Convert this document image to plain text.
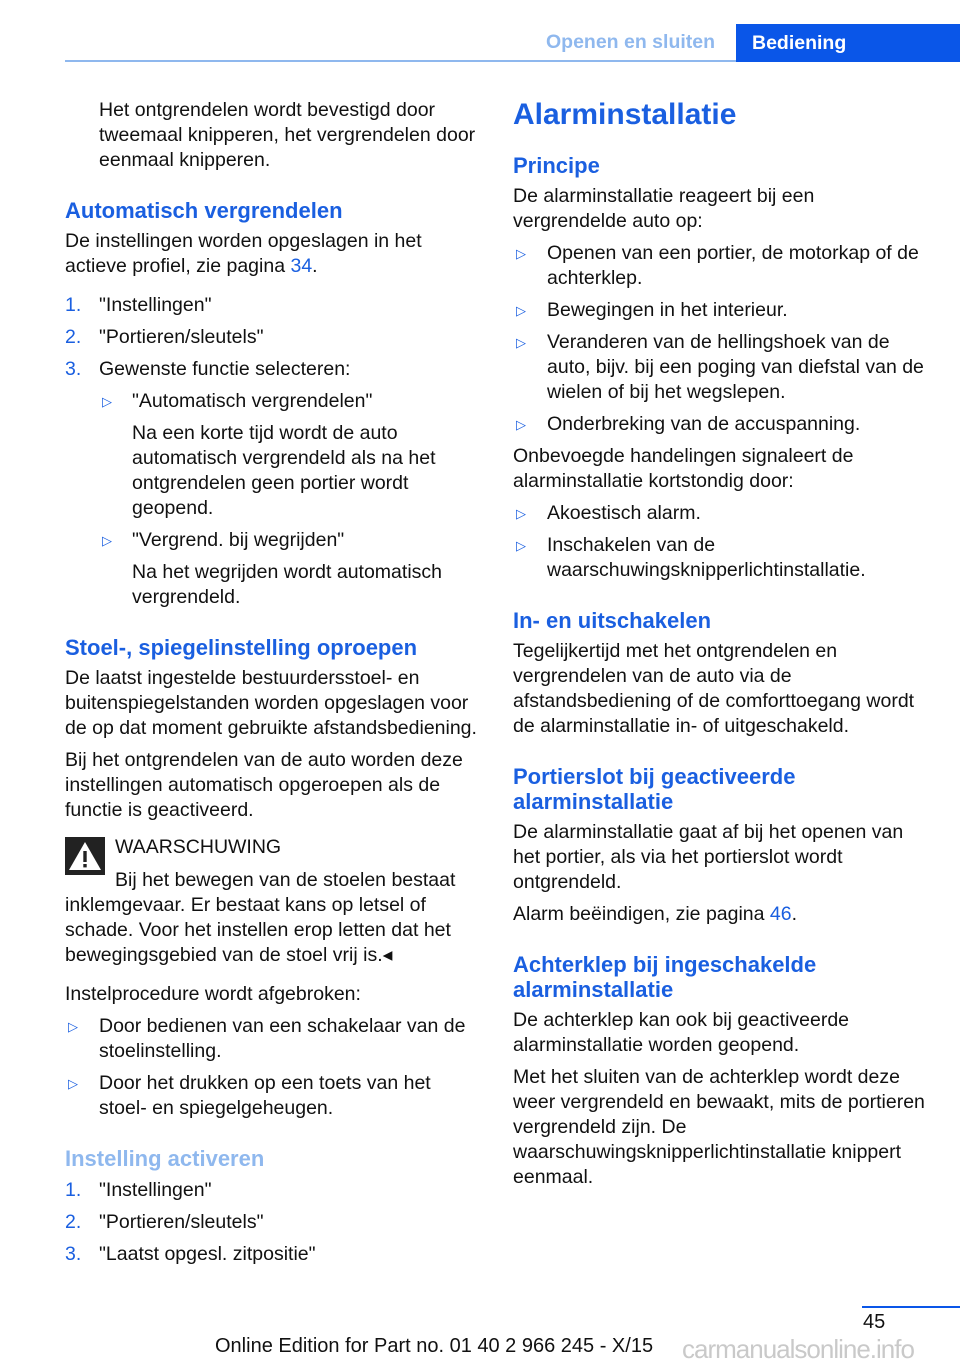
Openen en sluiten	Bediening

Het ontgrendelen wordt bevestigd door tweemaal knipperen, het vergrendelen door eenmaal knipperen.

Automatisch vergrendelen

De instellingen worden opgeslagen in het actieve profiel, zie pagina 34.

1. "Instellingen"
2. "Portieren/sleutels"
3. Gewenste functie selecteren:
▷ "Automatisch vergrendelen"
Na een korte tijd wordt de auto automatisch vergrendeld als na het ontgrendelen geen portier wordt geopend.
▷ "Vergrend. bij wegrijden"
Na het wegrijden wordt automatisch vergrendeld.
Stoel-, spiegelinstelling oproepen

De laatst ingestelde bestuurdersstoel- en buitenspiegelstanden worden opgeslagen voor de op dat moment gebruikte afstandsbediening.

Bij het ontgrendelen van de auto worden deze instellingen automatisch opgeroepen als de functie is geactiveerd.

WAARSCHUWING
Bij het bewegen van de stoelen bestaat inklemgevaar. Er bestaat kans op letsel of schade. Voor het instellen erop letten dat het bewegingsgebied van de stoel vrij is.◂

Instelprocedure wordt afgebroken:

▷ Door bedienen van een schakelaar van de stoelinstelling.
▷ Door het drukken op een toets van het stoel- en spiegelgeheugen.
Instelling activeren
1. "Instellingen"
2. "Portieren/sleutels"
3. "Laatst opgesl. zitpositie"
Alarminstallatie
Principe

De alarminstallatie reageert bij een vergrendelde auto op:

▷ Openen van een portier, de motorkap of de achterklep.
▷ Bewegingen in het interieur.
▷ Veranderen van de hellingshoek van de auto, bijv. bij een poging van diefstal van de wielen of bij het wegslepen.
▷ Onderbreking van de accuspanning.

Onbevoegde handelingen signaleert de alarminstallatie kortstondig door:

▷ Akoestisch alarm.
▷ Inschakelen van de waarschuwingsknipperlichtinstallatie.
In- en uitschakelen

Tegelijkertijd met het ontgrendelen en vergrendelen van de auto via de afstandsbediening of de comforttoegang wordt de alarminstallatie in- of uitgeschakeld.

Portierslot bij geactiveerde alarminstallatie

De alarminstallatie gaat af bij het openen van het portier, als via het portierslot wordt ontgrendeld.

Alarm beëindigen, zie pagina 46.

Achterklep bij ingeschakelde alarminstallatie

De achterklep kan ook bij geactiveerde alarminstallatie worden geopend.

Met het sluiten van de achterklep wordt deze weer vergrendeld en bewaakt, mits de portieren vergrendeld zijn. De waarschuwingsknipperlichtinstallatie knippert eenmaal.

45
Online Edition for Part no. 01 40 2 966 245 - X/15 carmanualsonline.info
